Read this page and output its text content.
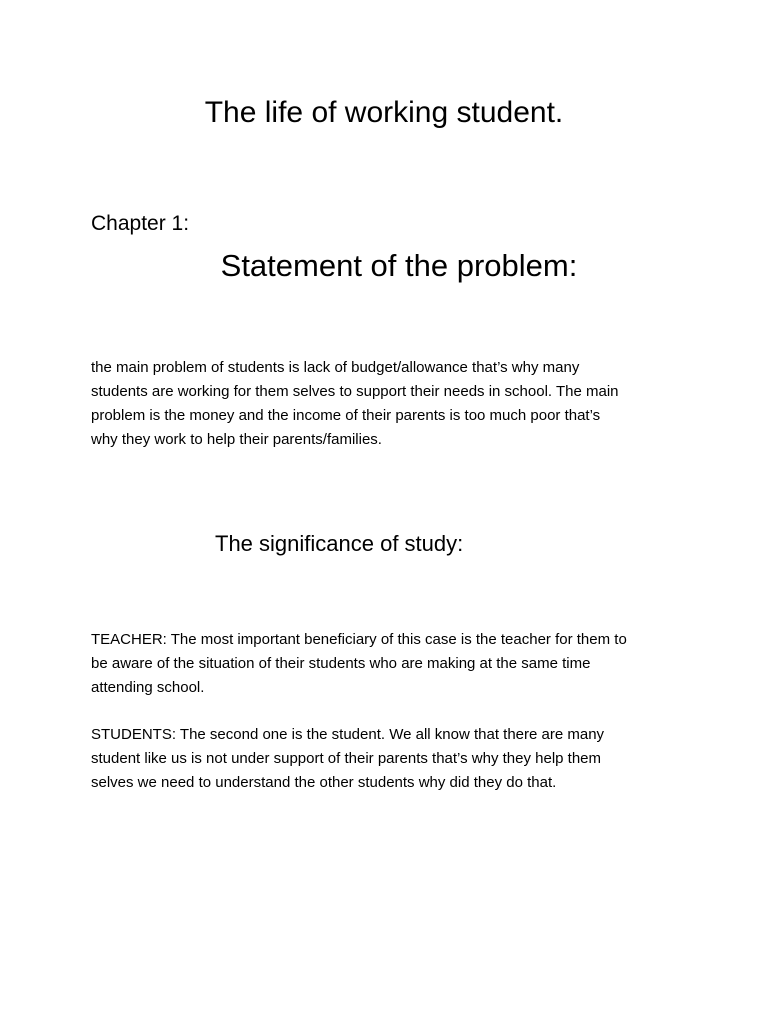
The life of working student.
Chapter 1:
Statement of the problem:

the main problem of students is lack of budget/allowance that’s why many
students are working for them selves to support their needs in school. The main
problem is the money and the income of their parents is too much poor that’s
why they work to help their parents/families.

The significance of study:

TEACHER: The most important beneficiary of this case is the teacher for them to
be aware of the situation of their students who are making at the same time
attending school.

STUDENTS: The second one is the student. We all know that there are many
student like us is not under support of their parents that’s why they help them
selves we need to understand the other students why did they do that.
